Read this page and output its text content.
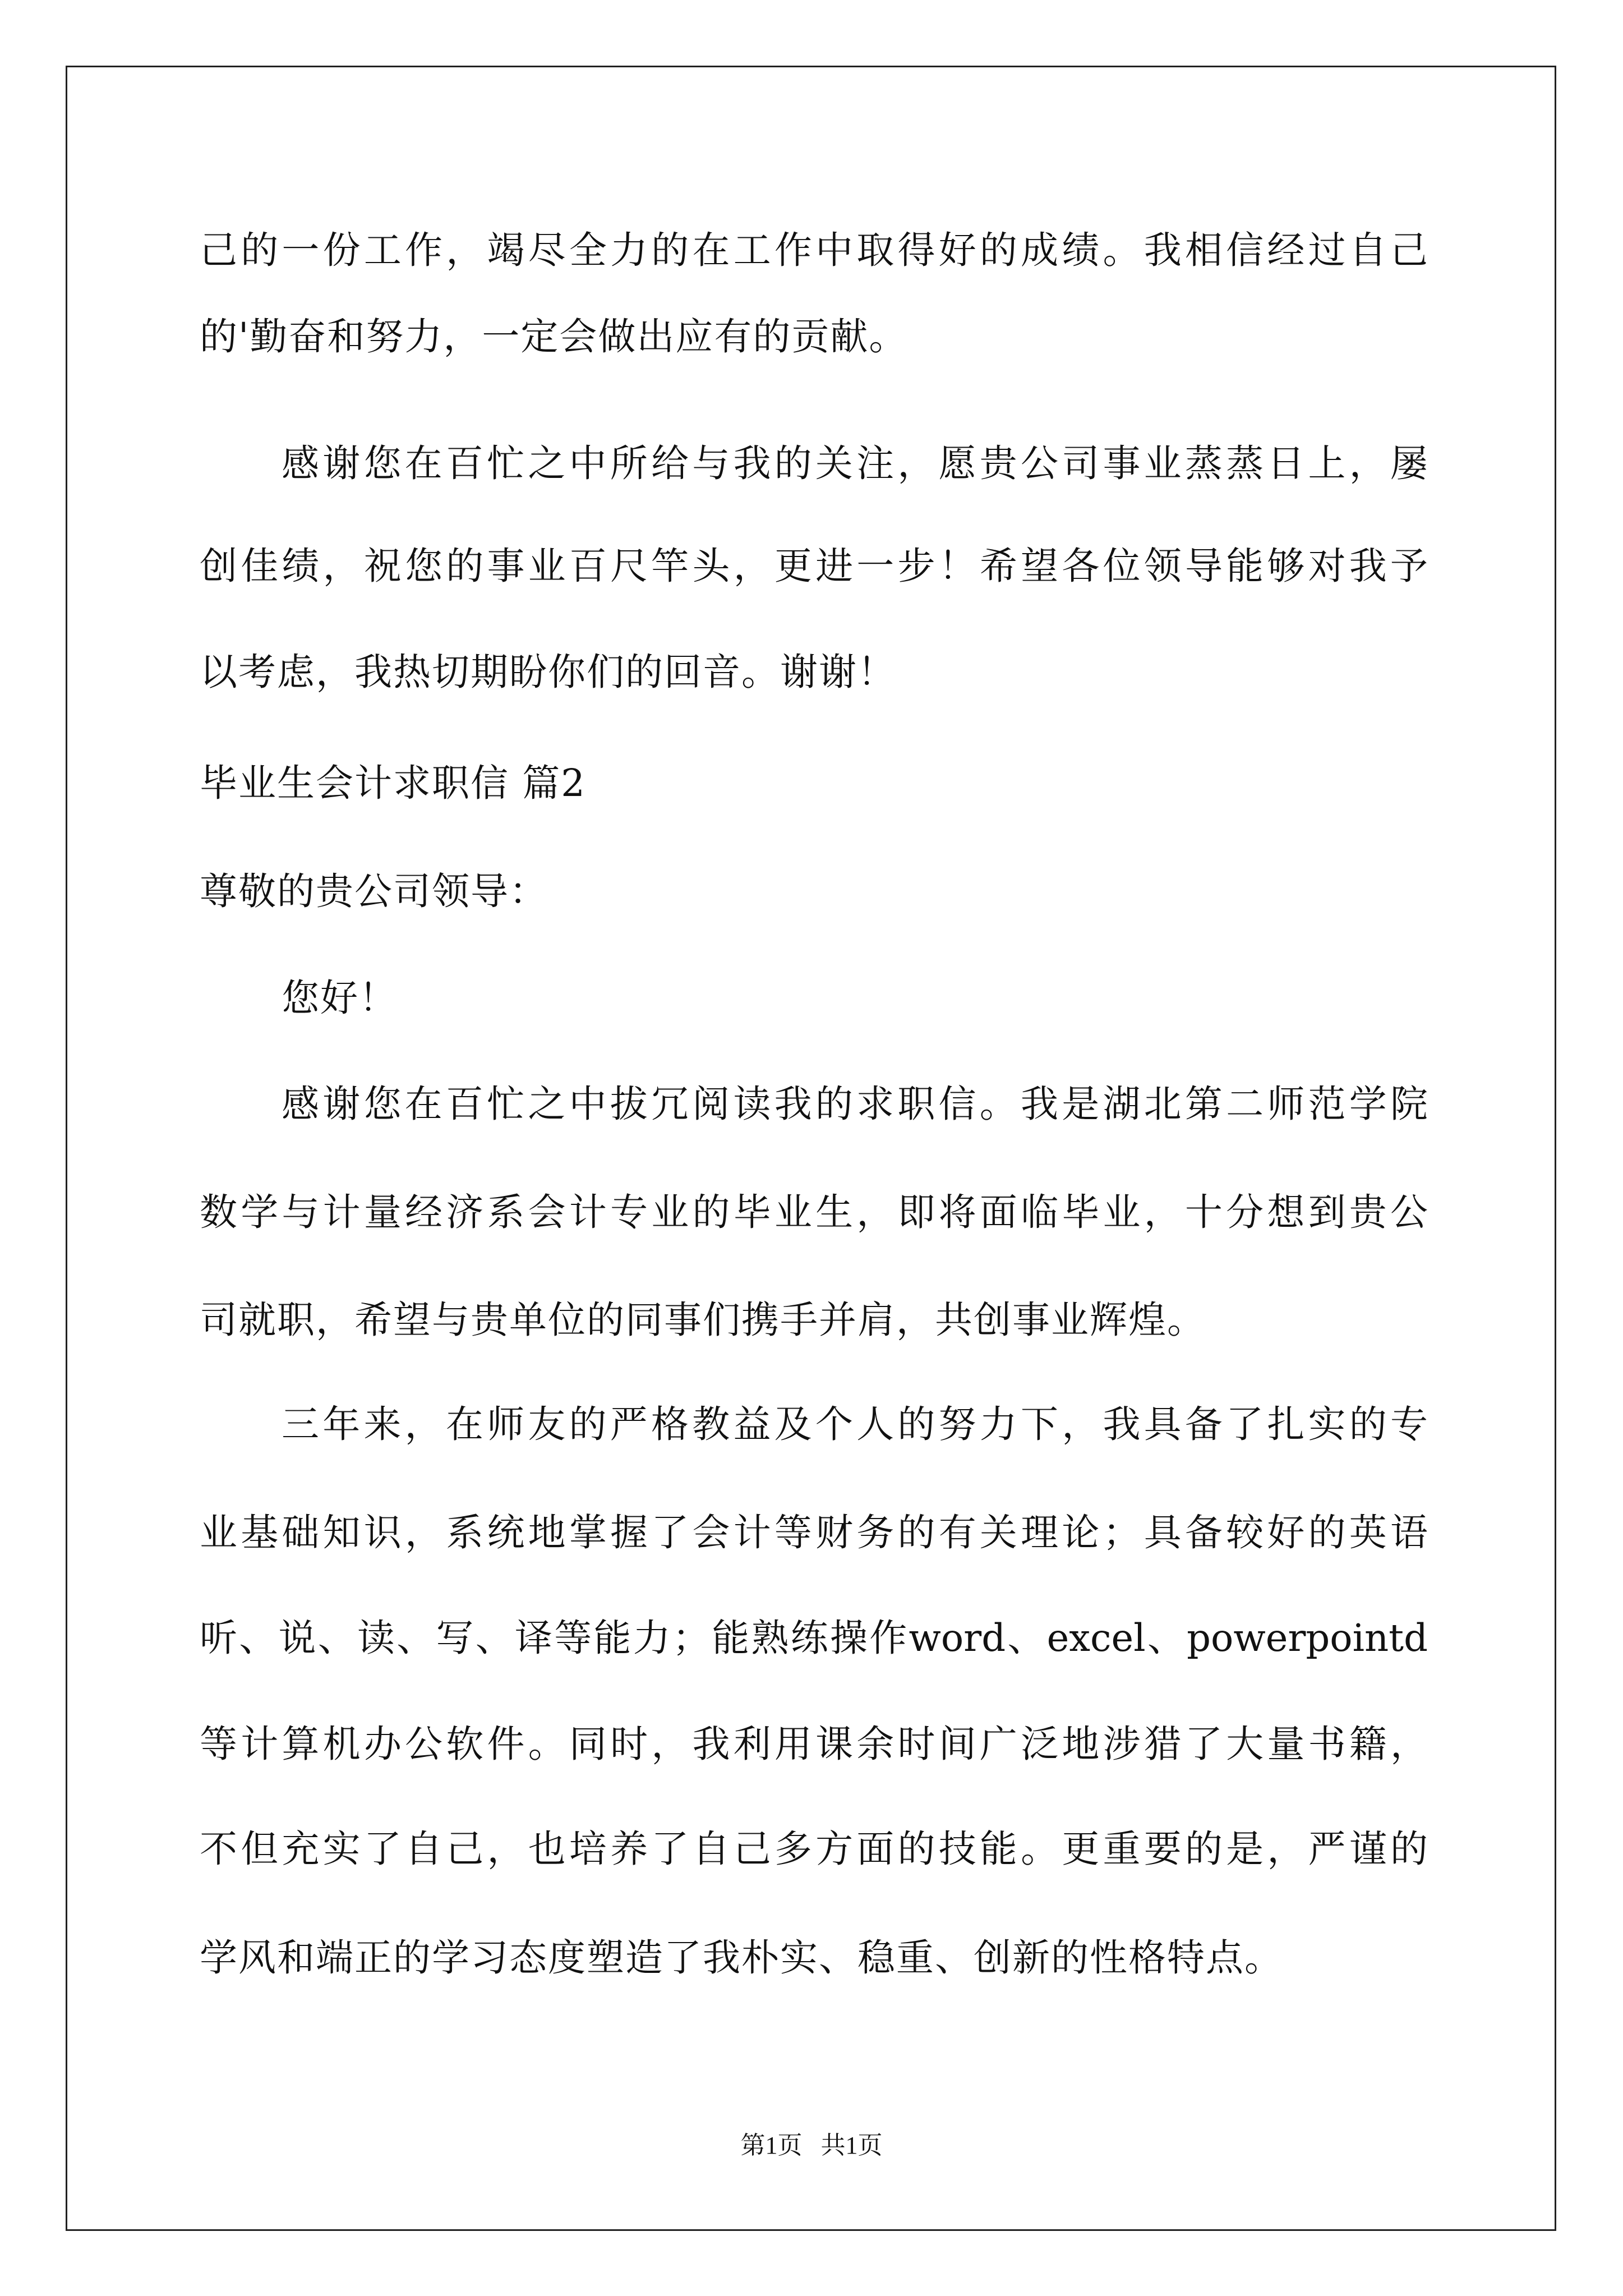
己的一份工作，竭尽全力的在工作中取得好的成绩。我相信经过自己
的'勤奋和努力，一定会做出应有的贡献。
感谢您在百忙之中所给与我的关注，愿贵公司事业蒸蒸日上，屡
创佳绩，祝您的事业百尺竿头，更进一步！希望各位领导能够对我予
以考虑，我热切期盼你们的回音。谢谢！
毕业生会计求职信 篇2
尊敬的贵公司领导：
您好！
感谢您在百忙之中拔冗阅读我的求职信。我是湖北第二师范学院
数学与计量经济系会计专业的毕业生，即将面临毕业，十分想到贵公
司就职，希望与贵单位的同事们携手并肩，共创事业辉煌。
三年来，在师友的严格教益及个人的努力下，我具备了扎实的专
业基础知识，系统地掌握了会计等财务的有关理论；具备较好的英语
听、说、读、写、译等能力；能熟练操作word、excel、powerpointd
等计算机办公软件。同时，我利用课余时间广泛地涉猎了大量书籍，
不但充实了自己，也培养了自己多方面的技能。更重要的是，严谨的
学风和端正的学习态度塑造了我朴实、稳重、创新的性格特点。
第1页   共1页
